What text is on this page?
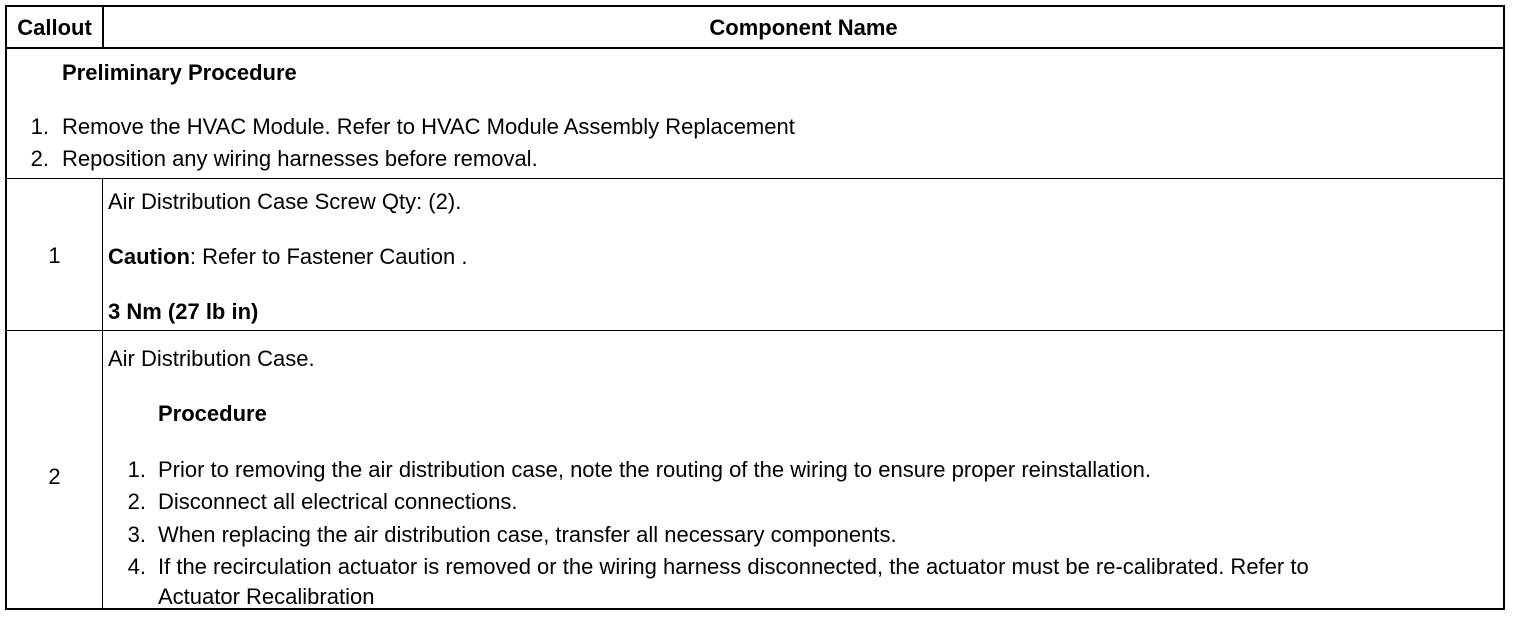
Callout	Component Name
Preliminary Procedure
1. Remove the HVAC Module. Refer to HVAC Module Assembly Replacement
2. Reposition any wiring harnesses before removal.
1
Air Distribution Case Screw Qty: (2).
Caution: Refer to Fastener Caution .
3 Nm (27 lb in)
2
Air Distribution Case.
Procedure
1. Prior to removing the air distribution case, note the routing of the wiring to ensure proper reinstallation.
2. Disconnect all electrical connections.
3. When replacing the air distribution case, transfer all necessary components.
4. If the recirculation actuator is removed or the wiring harness disconnected, the actuator must be re-calibrated. Refer to
Actuator Recalibration
